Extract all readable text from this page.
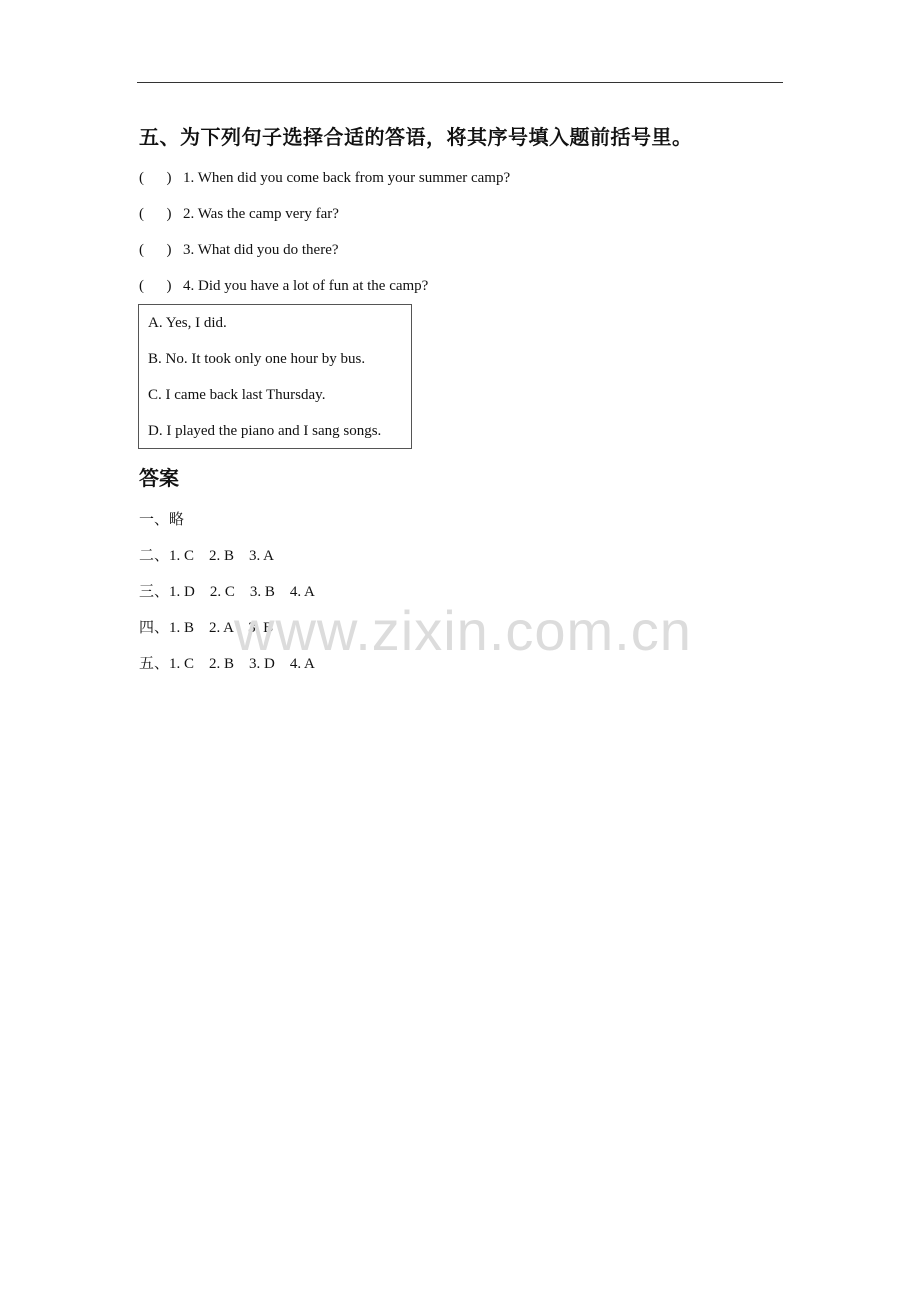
五、为下列句子选择合适的答语，将其序号填入题前括号里。
(      ) 1. When did you come back from your summer camp?
(      ) 2. Was the camp very far?
(      ) 3. What did you do there?
(      ) 4. Did you have a lot of fun at the camp?
A. Yes, I did.
B. No. It took only one hour by bus.
C. I came back last Thursday.
D. I played the piano and I sang songs.
答案
一、略
二、1. C    2. B    3. A
三、1. D    2. C    3. B    4. A
四、1. B    2. A    3. B
五、1. C    2. B    3. D    4. A
www.zixin.com.cn
